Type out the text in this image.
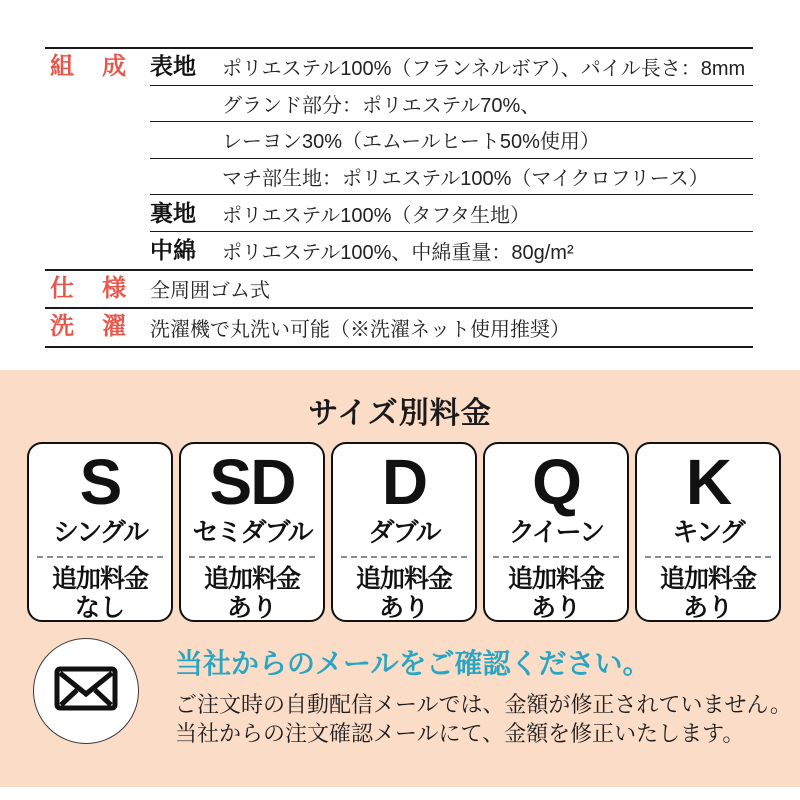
組成 表地	ポリエステル100%（フランネルボア）、パイル長さ：8mm
グランド部分：ポリエステル70%、
レーヨン30%（エムールヒート50%使用）
マチ部生地：ポリエステル100%（マイクロフリース）
裏地	ポリエステル100%（タフタ生地）
中綿	ポリエステル100%、中綿重量：80g/m²
仕様 全周囲ゴム式
洗濯 洗濯機で丸洗い可能（※洗濯ネット使用推奨）
サイズ別料金
S
シングル
追加料金
なし
SD
セミダブル
追加料金
あり
D
ダブル
追加料金
あり
Q
クイーン
追加料金
あり
K
キング
追加料金
あり

当社からのメールをご確認ください。

ご注文時の自動配信メールでは、金額が修正されていません。

当社からの注文確認メールにて、金額を修正いたします。
